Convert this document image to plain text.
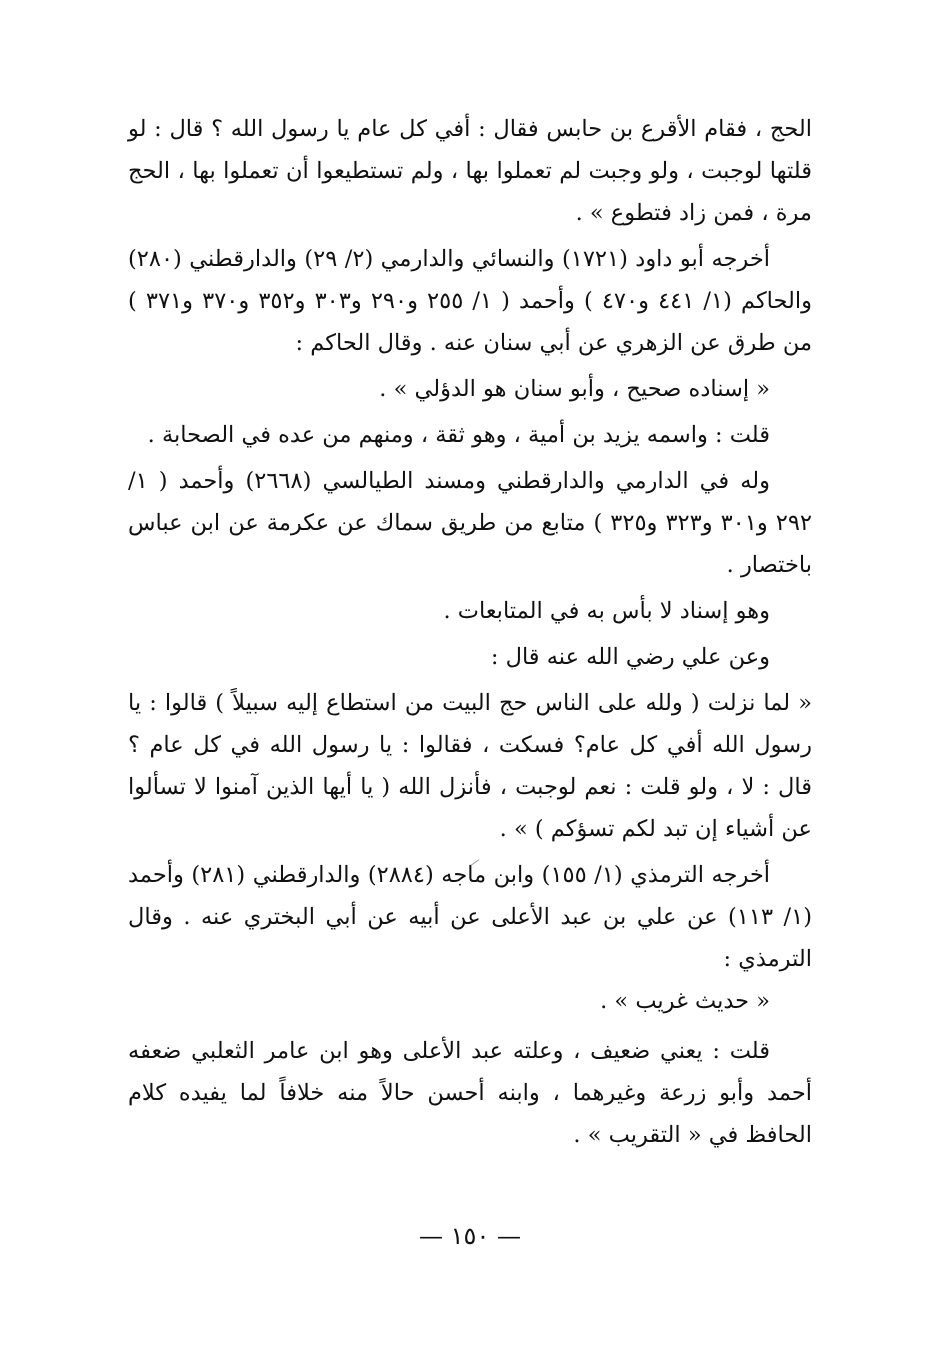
الحج ، فقام الأقرع بن حابس فقال : أفي كل عام يا رسول الله ؟ قال : لو قلتها لوجبت ، ولو وجبت لم تعملوا بها ، ولم تستطيعوا أن تعملوا بها ، الحج مرة ، فمن زاد فتطوع » .

أخرجه أبو داود (١٧٢١) والنسائي والدارمي (٢/ ٢٩) والدارقطني (٢٨٠) والحاكم (١/ ٤٤١ و٤٧٠ ) وأحمد ( ١/ ٢٥٥ و٢٩٠ و٣٠٣ و٣٥٢ و٣٧٠ و٣٧١ ) من طرق عن الزهري عن أبي سنان عنه . وقال الحاكم :

« إسناده صحيح ، وأبو سنان هو الدؤلي » .

قلت : واسمه يزيد بن أمية ، وهو ثقة ، ومنهم من عده في الصحابة .

وله في الدارمي والدارقطني ومسند الطيالسي (٢٦٦٨) وأحمد ( ١/ ٢٩٢ و٣٠١ و٣٢٣ و٣٢٥ ) متابع من طريق سماك عن عكرمة عن ابن عباس باختصار .

وهو إسناد لا بأس به في المتابعات .

وعن علي رضي الله عنه قال :

« لما نزلت ( ولله على الناس حج البيت من استطاع إليه سبيلاً ) قالوا : يا رسول الله أفي كل عام؟ فسكت ، فقالوا : يا رسول الله في كل عام ؟ قال : لا ، ولو قلت : نعم لوجبت ، فأنزل الله ( يا أيها الذين آمنوا لا تسألوا عن أشياء إن تبد لكم تسؤكم ) » .

أخرجه الترمذي (١/ ١٥٥) وابن ماجه (٢٨٨٤) والدارقطني (٢٨١) وأحمد (١/ ١١٣) عن علي بن عبد الأعلى عن أبيه عن أبي البختري عنه . وقال الترمذي :

« حديث غريب » .

قلت : يعني ضعيف ، وعلته عبد الأعلى وهو ابن عامر الثعلبي ضعفه أحمد وأبو زرعة وغيرهما ، وابنه أحسن حالاً منه خلافاً لما يفيده كلام الحافظ في « التقريب » .

— ١٥٠ —
